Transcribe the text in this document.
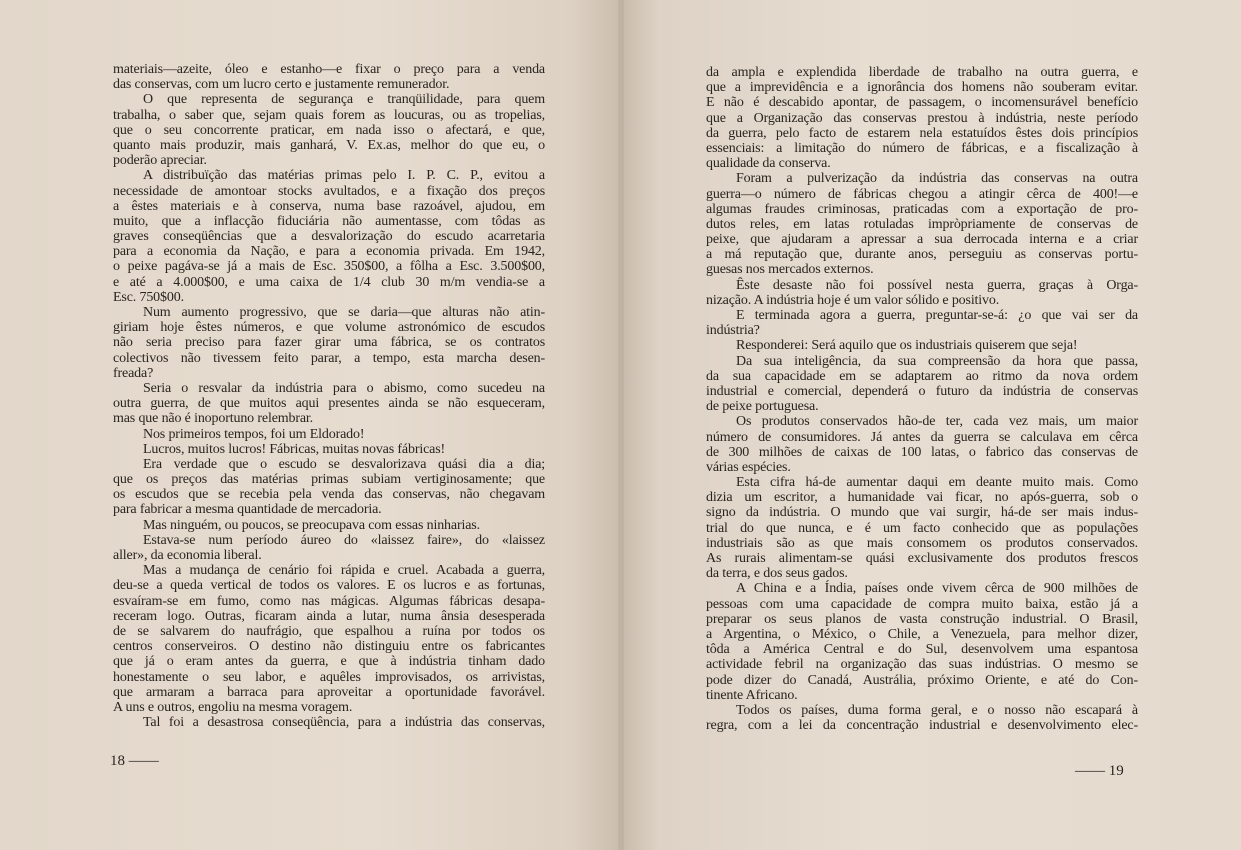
materiais—azeite, óleo e estanho—e fixar o preço para a venda
das conservas, com um lucro certo e justamente remunerador.
O que representa de segurança e tranqüilidade, para quem
trabalha, o saber que, sejam quais forem as loucuras, ou as tropelias,
que o seu concorrente praticar, em nada isso o afectará, e que,
quanto mais produzir, mais ganhará, V. Ex.as, melhor do que eu, o
poderão apreciar.
A distribuïção das matérias primas pelo I. P. C. P., evitou a
necessidade de amontoar stocks avultados, e a fixação dos preços
a êstes materiais e à conserva, numa base razoável, ajudou, em
muito, que a inflacção fiduciária não aumentasse, com tôdas as
graves conseqüências que a desvalorização do escudo acarretaria
para a economia da Nação, e para a economia privada. Em 1942,
o peixe pagáva-se já a mais de Esc. 350$00, a fôlha a Esc. 3.500$00,
e até a 4.000$00, e uma caixa de 1/4 club 30 m/m vendia-se a
Esc. 750$00.
Num aumento progressivo, que se daria—que alturas não atin-
giriam hoje êstes números, e que volume astronómico de escudos
não seria preciso para fazer girar uma fábrica, se os contratos
colectivos não tivessem feito parar, a tempo, esta marcha desen-
freada?
Seria o resvalar da indústria para o abismo, como sucedeu na
outra guerra, de que muitos aqui presentes ainda se não esqueceram,
mas que não é inoportuno relembrar.
Nos primeiros tempos, foi um Eldorado!
Lucros, muitos lucros! Fábricas, muitas novas fábricas!
Era verdade que o escudo se desvalorizava quási dia a dia;
que os preços das matérias primas subiam vertiginosamente; que
os escudos que se recebia pela venda das conservas, não chegavam
para fabricar a mesma quantidade de mercadoria.
Mas ninguém, ou poucos, se preocupava com essas ninharias.
Estava-se num período áureo do «laissez faire», do «laissez
aller», da economia liberal.
Mas a mudança de cenário foi rápida e cruel. Acabada a guerra,
deu-se a queda vertical de todos os valores. E os lucros e as fortunas,
esvaíram-se em fumo, como nas mágicas. Algumas fábricas desapa-
receram logo. Outras, ficaram ainda a lutar, numa ânsia desesperada
de se salvarem do naufrágio, que espalhou a ruína por todos os
centros conserveiros. O destino não distinguiu entre os fabricantes
que já o eram antes da guerra, e que à indústria tinham dado
honestamente o seu labor, e aquêles improvisados, os arrivistas,
que armaram a barraca para aproveitar a oportunidade favorável.
A uns e outros, engoliu na mesma voragem.
Tal foi a desastrosa conseqüência, para a indústria das conservas,
18 ——
da ampla e explendida liberdade de trabalho na outra guerra, e
que a imprevidência e a ignorância dos homens não souberam evitar.
E não é descabido apontar, de passagem, o incomensurável benefício
que a Organização das conservas prestou à indústria, neste período
da guerra, pelo facto de estarem nela estatuídos êstes dois princípios
essenciais: a limitação do número de fábricas, e a fiscalização à
qualidade da conserva.
Foram a pulverização da indústria das conservas na outra
guerra—o número de fábricas chegou a atingir cêrca de 400!—e
algumas fraudes criminosas, praticadas com a exportação de pro-
dutos reles, em latas rotuladas impròpriamente de conservas de
peixe, que ajudaram a apressar a sua derrocada interna e a criar
a má reputação que, durante anos, perseguiu as conservas portu-
guesas nos mercados externos.
Êste desaste não foi possível nesta guerra, graças à Orga-
nização. A indústria hoje é um valor sólido e positivo.
E terminada agora a guerra, preguntar-se-á: ¿o que vai ser da
indústria?
Responderei: Será aquilo que os industriais quiserem que seja!
Da sua inteligência, da sua compreensão da hora que passa,
da sua capacidade em se adaptarem ao ritmo da nova ordem
industrial e comercial, dependerá o futuro da indústria de conservas
de peixe portuguesa.
Os produtos conservados hão-de ter, cada vez mais, um maior
número de consumidores. Já antes da guerra se calculava em cêrca
de 300 milhões de caixas de 100 latas, o fabrico das conservas de
várias espécies.
Esta cifra há-de aumentar daqui em deante muito mais. Como
dizia um escritor, a humanidade vai ficar, no após-guerra, sob o
signo da indústria. O mundo que vai surgir, há-de ser mais indus-
trial do que nunca, e é um facto conhecido que as populações
industriais são as que mais consomem os produtos conservados.
As rurais alimentam-se quási exclusivamente dos produtos frescos
da terra, e dos seus gados.
A China e a Índia, países onde vivem cêrca de 900 milhões de
pessoas com uma capacidade de compra muito baixa, estão já a
preparar os seus planos de vasta construção industrial. O Brasil,
a Argentina, o México, o Chile, a Venezuela, para melhor dizer,
tôda a América Central e do Sul, desenvolvem uma espantosa
actividade febril na organização das suas indústrias. O mesmo se
pode dizer do Canadá, Austrália, próximo Oriente, e até do Con-
tinente Africano.
Todos os países, duma forma geral, e o nosso não escapará à
regra, com a lei da concentração industrial e desenvolvimento elec-
—— 19
